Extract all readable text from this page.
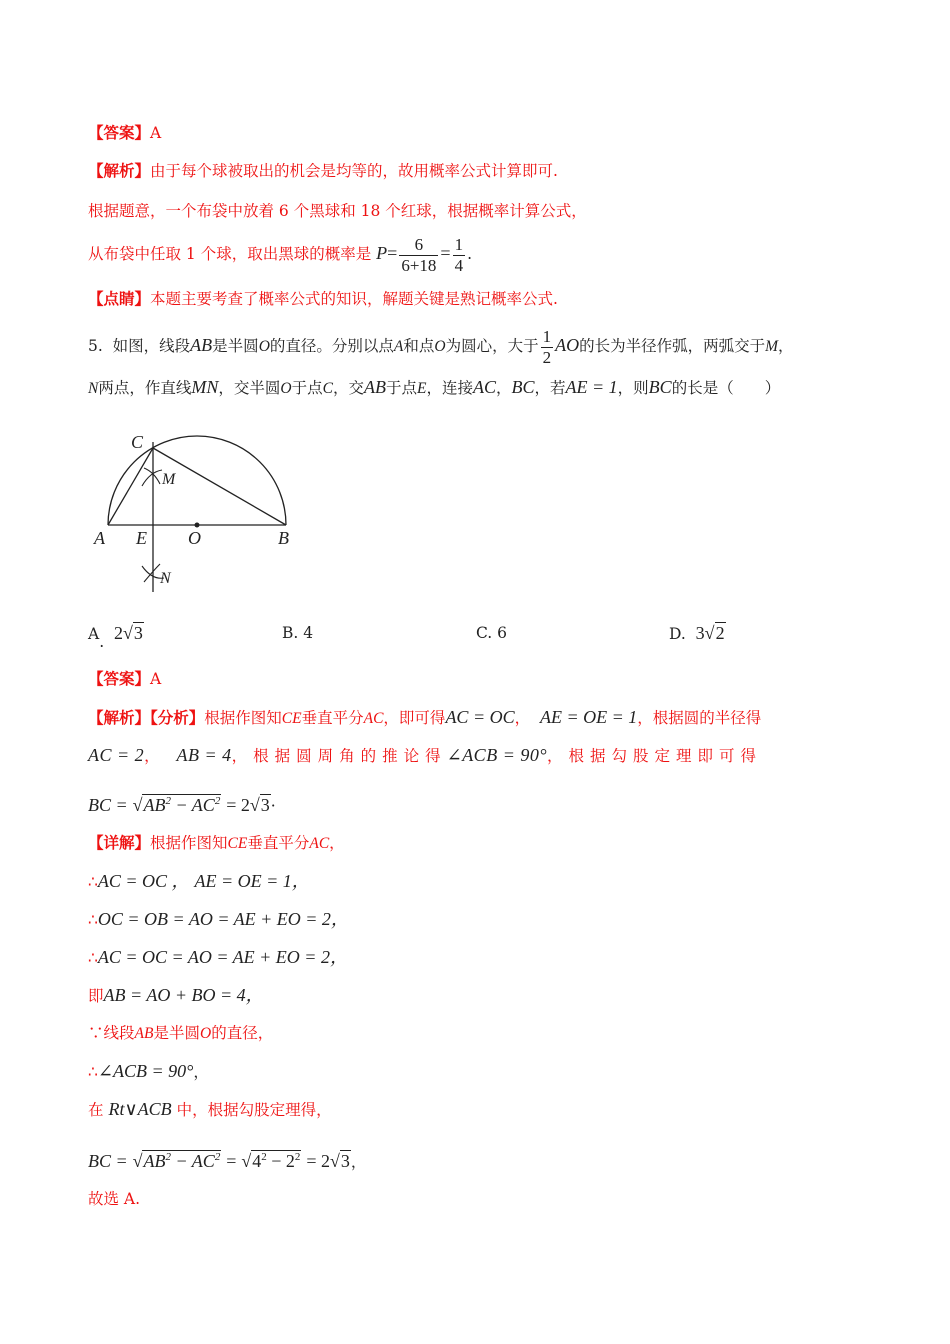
【答案】A
【解析】由于每个球被取出的机会是均等的，故用概率公式计算即可.
根据题意，一个布袋中放着 6 个黑球和 18 个红球，根据概率计算公式，
从布袋中任取 1 个球，取出黑球的概率是 $P= \frac{6}{6+18} = \frac{1}{4}$ .
【点睛】本题主要考查了概率公式的知识，解题关键是熟记概率公式.
5. 如图，线段AB是半圆O的直径。分别以点A和点O为圆心，大于 $\frac{1}{2}$ AO的长为半径作弧，两弧交于M，
N两点，作直线MN，交半圆O于点C，交AB于点E，连接AC，BC，若AE = 1，则BC的长是（　　）
C
M
A E O	B
N
A. 2√3	B. 4	C. 6	D. 3√2
【答案】A
【解析】【分析】根据作图知CE垂直平分AC，即可得AC = OC， AE = OE = 1，根据圆的半径得
AC = 2， AB = 4，根据圆周角的推论得∠ACB = 90°，根据勾股定理即可得
BC = $√AB^2 - AC^2 = 2√3\cdot$
【详解】根据作图知CE垂直平分AC，
∴AC = OC ， AE = OE = 1，
∴OC = OB = AO = AE + EO = 2，
∴AC = OC = AO = AE + EO = 2，
即AB = AO + BO = 4，
∵线段AB是半圆O的直径，
∴∠ACB = 90°，
在 Rt∨ACB 中，根据勾股定理得，
BC = $√AB^2 - AC^2 = √4^2 - 2^2 = 2√3$，
故选 A.
